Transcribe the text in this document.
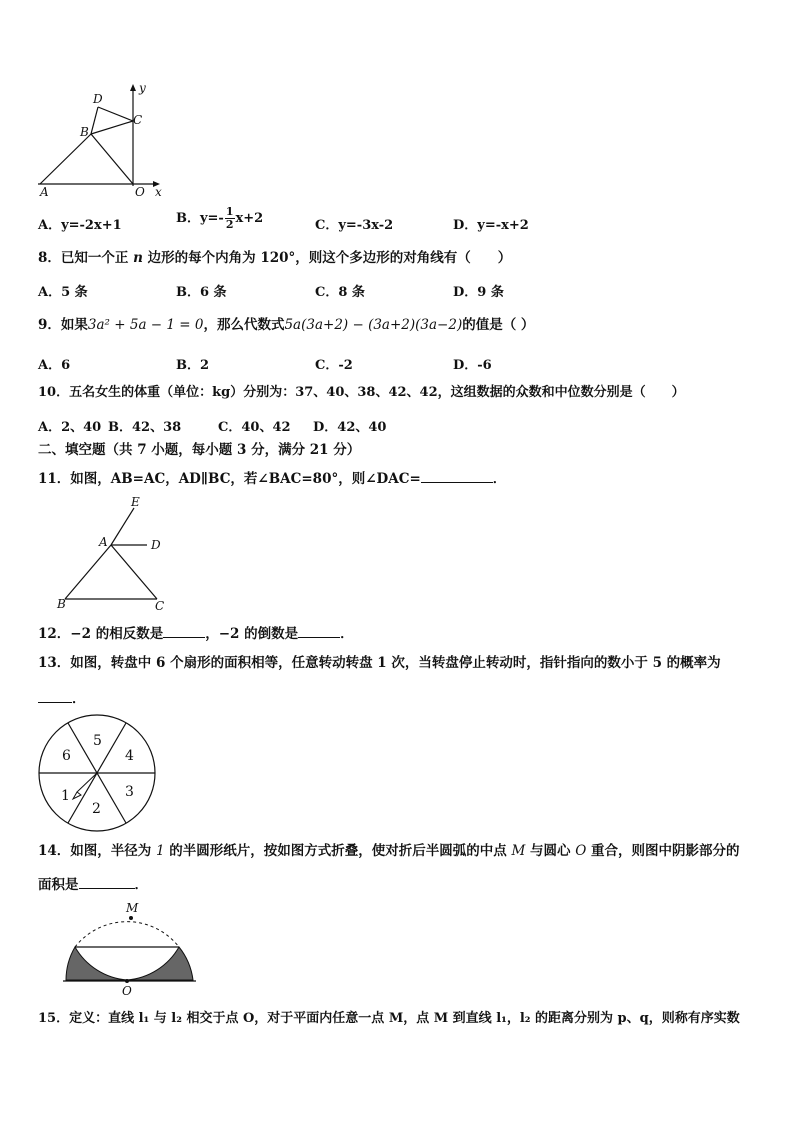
D
C
B
A	O x
y
E
A	D
B	C
5
4
3
2
1
6
M
O
A．y=-2x+1	B．$y=- \frac{1}{2} x+2$	C．y=-3x-2	D．y=-x+2
8．已知一个正 n 边形的每个内角为 120°，则这个多边形的对角线有（　　）
A．5 条	B．6 条	C．8 条	D．9 条
9．如果3a² + 5a − 1 = 0，那么代数式5a(3a+2) − (3a+2)(3a−2)的值是（ ）
A．6	B．2	C．-2	D．-6
10．五名女生的体重（单位：kg）分别为：37、40、38、42、42，这组数据的众数和中位数分别是（　　）
A．2、40 B．42、38	C．40、42 D．42、40
二、填空题（共 7 小题，每小题 3 分，满分 21 分）
11．如图，AB=AC，AD∥BC，若∠BAC=80°，则∠DAC=	．
12．−2 的相反数是	，−2 的倒数是	．
13．如图，转盘中 6 个扇形的面积相等，任意转动转盘 1 次，当转盘停止转动时，指针指向的数小于 5 的概率为
．
14．如图，半径为 1 的半圆形纸片，按如图方式折叠，使对折后半圆弧的中点 M 与圆心 O 重合，则图中阴影部分的
面积是	．
15．定义：直线 l₁ 与 l₂ 相交于点 O，对于平面内任意一点 M，点 M 到直线 l₁，l₂ 的距离分别为 p、q，则称有序实数
